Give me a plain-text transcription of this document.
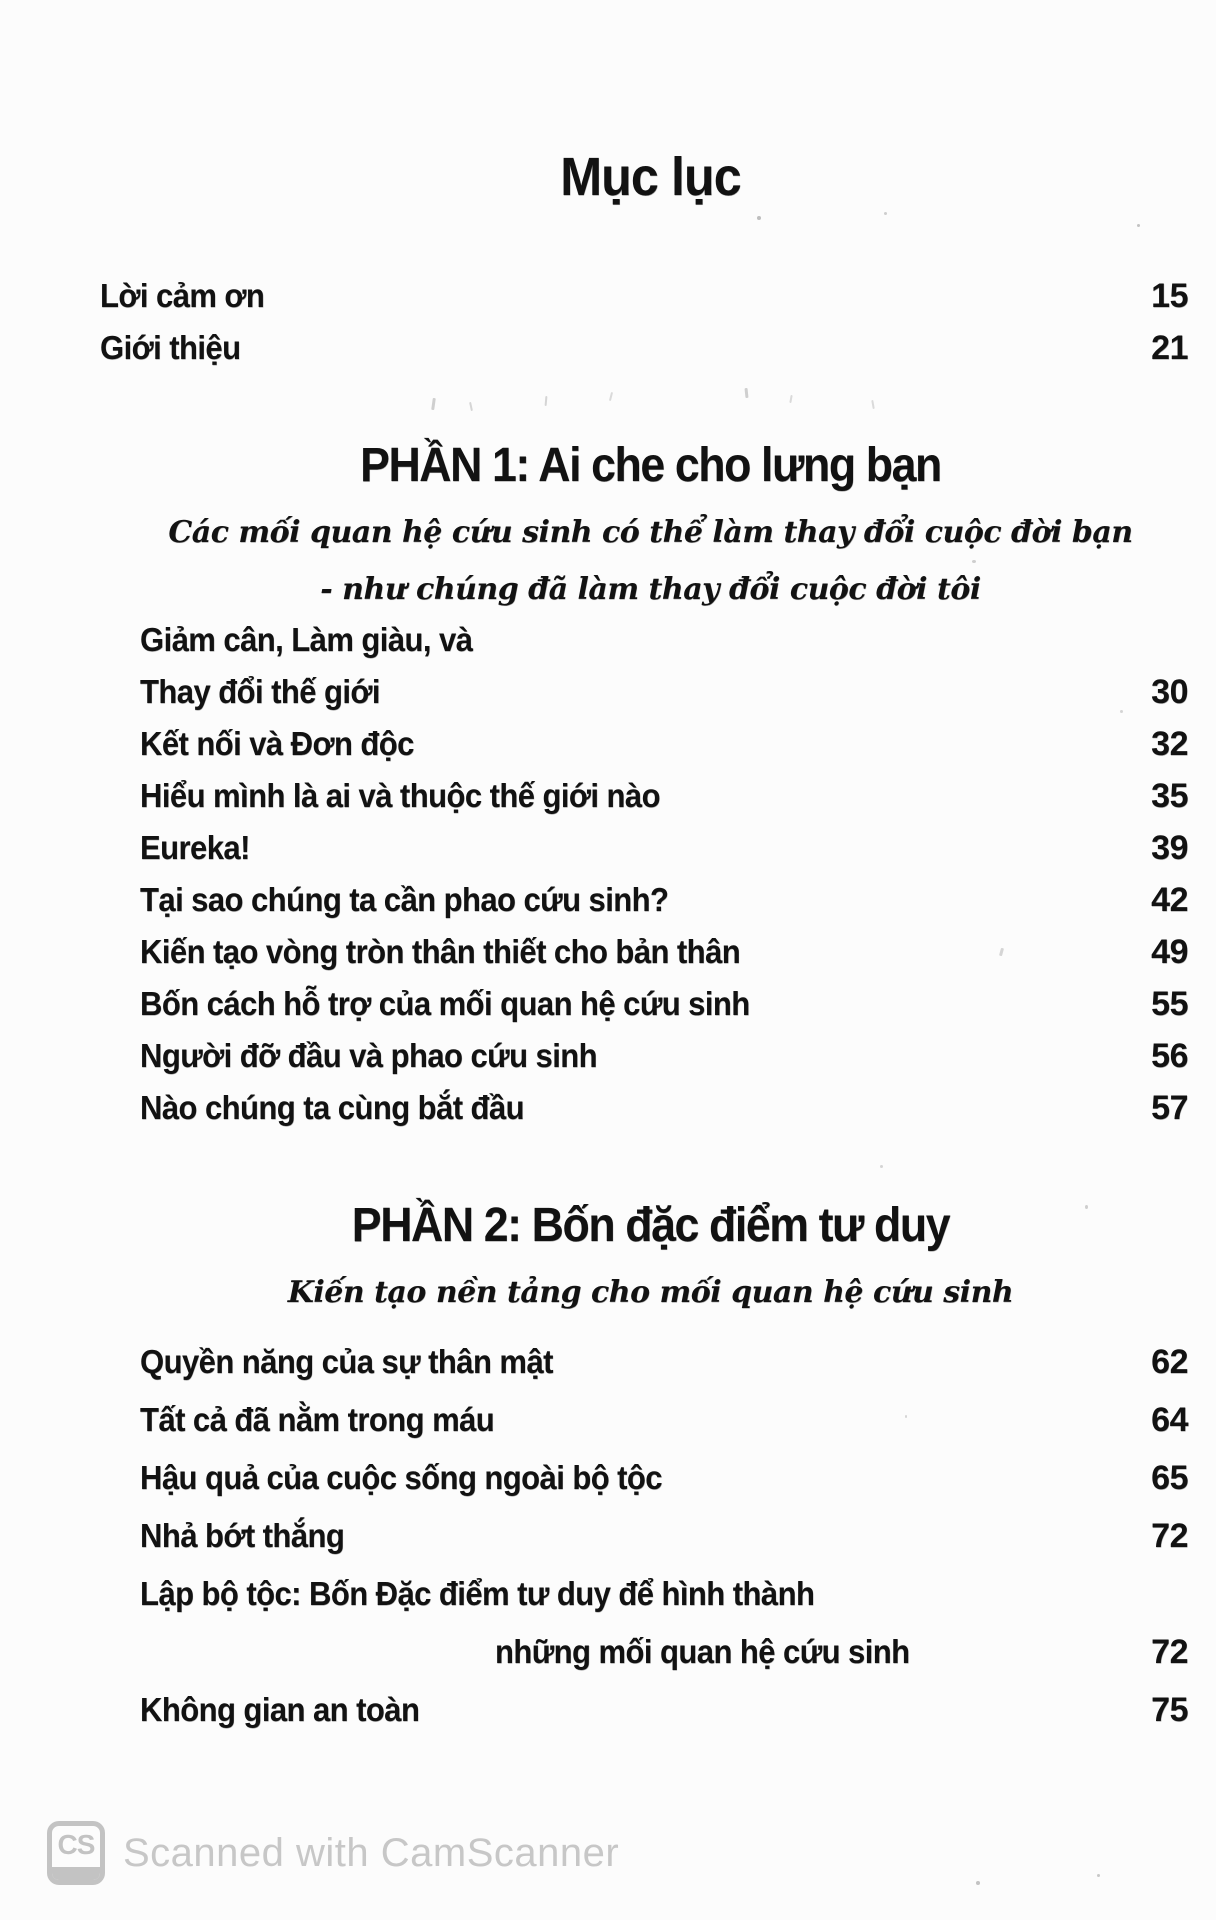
Mục lục
Lời cảm ơn	15
Giới thiệu	21
PHẦN 1: Ai che cho lưng bạn
Các mối quan hệ cứu sinh có thể làm thay đổi cuộc đời bạn
- như chúng đã làm thay đổi cuộc đời tôi
Giảm cân, Làm giàu, và
Thay đổi thế giới	30
Kết nối và Đơn độc	32
Hiểu mình là ai và thuộc thế giới nào	35
Eureka!	39
Tại sao chúng ta cần phao cứu sinh?	42
Kiến tạo vòng tròn thân thiết cho bản thân	49
Bốn cách hỗ trợ của mối quan hệ cứu sinh	55
Người đỡ đầu và phao cứu sinh	56
Nào chúng ta cùng bắt đầu	57
PHẦN 2: Bốn đặc điểm tư duy
Kiến tạo nền tảng cho mối quan hệ cứu sinh
Quyền năng của sự thân mật	62
Tất cả đã nằm trong máu	64
Hậu quả của cuộc sống ngoài bộ tộc	65
Nhả bớt thắng	72
Lập bộ tộc: Bốn Đặc điểm tư duy để hình thành
những mối quan hệ cứu sinh	72
Không gian an toàn	75
CS Scanned with CamScanner
